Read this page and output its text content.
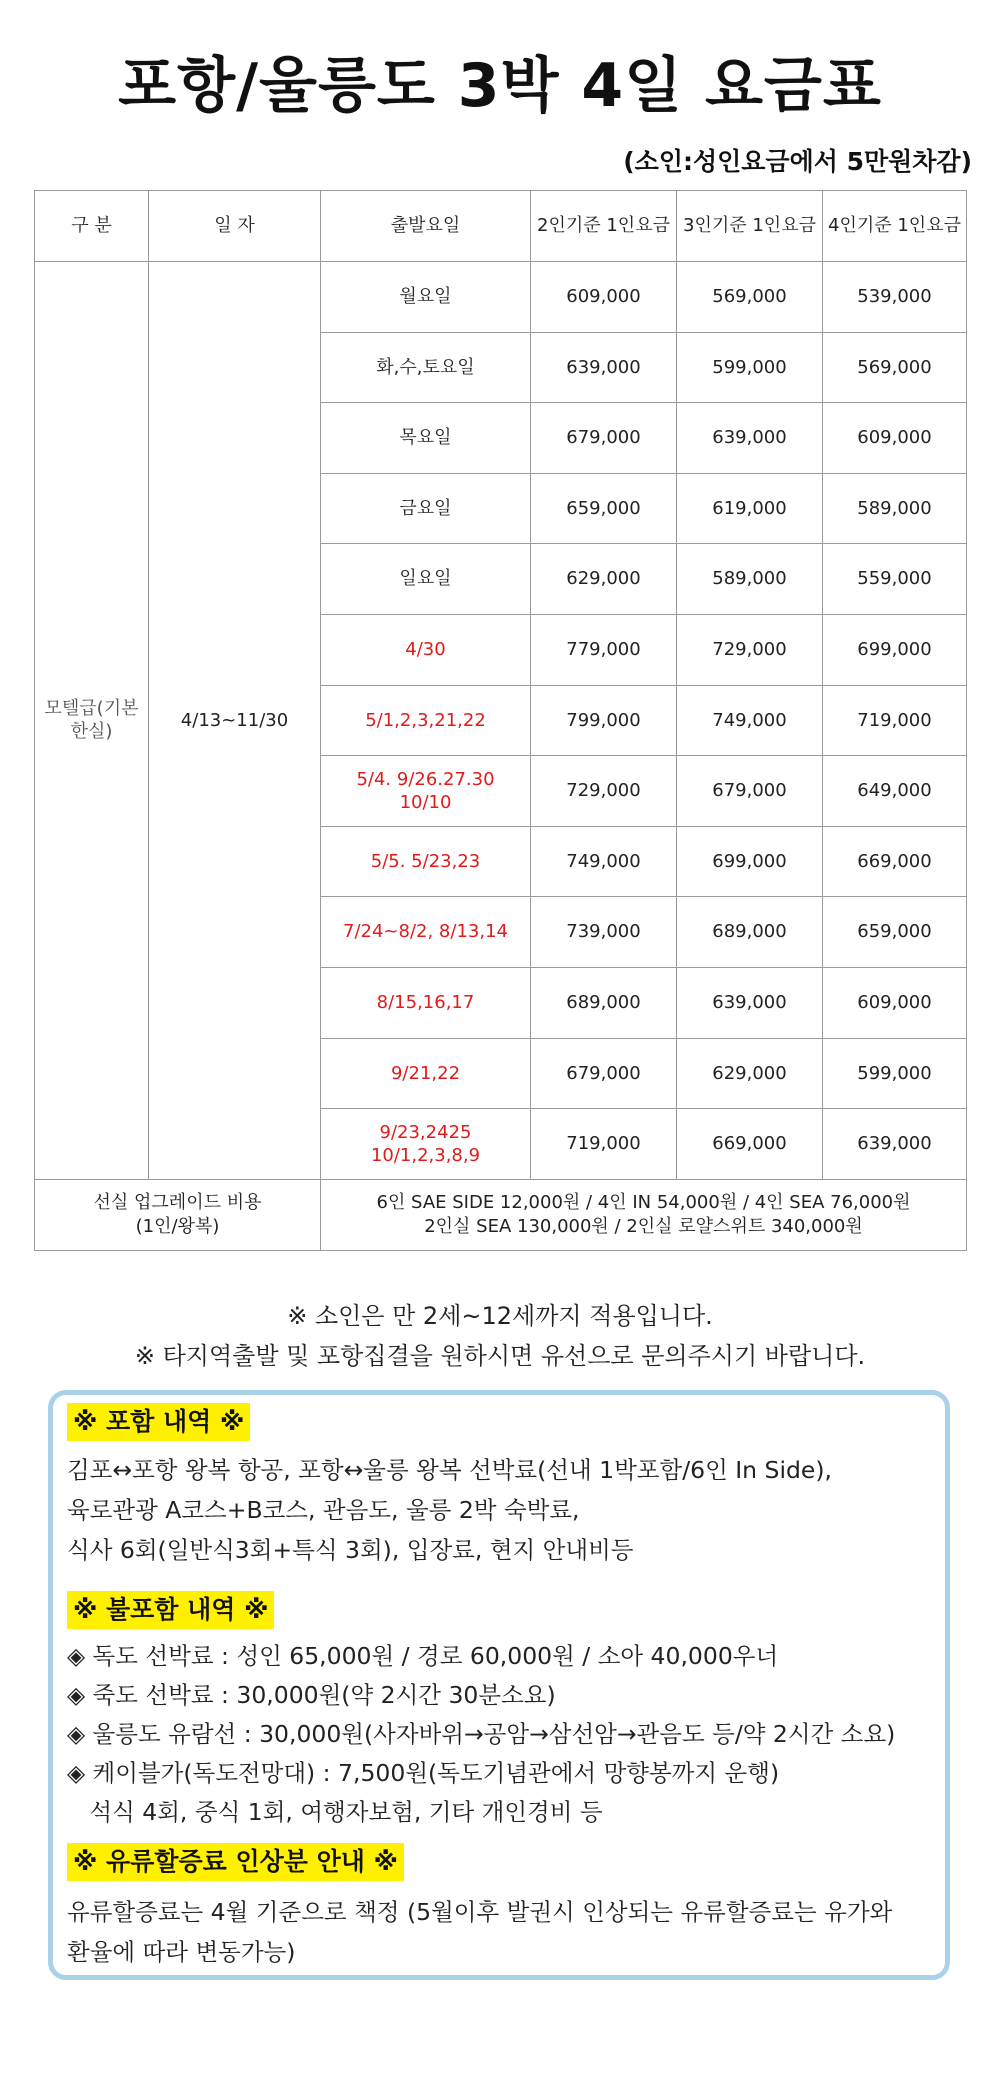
포항/울릉도 3박 4일 요금표
(소인:성인요금에서 5만원차감)
구 분	일 자	출발요일	2인기준 1인요금	3인기준 1인요금	4인기준 1인요금
모텔급(기본한실)	4/13~11/30	월요일	609,000	569,000	539,000
		화,수,토요일	639,000	599,000	569,000
		목요일	679,000	639,000	609,000
		금요일	659,000	619,000	589,000
		일요일	629,000	589,000	559,000
		4/30	779,000	729,000	699,000
		5/1,2,3,21,22	799,000	749,000	719,000
		5/4. 9/26.27.30
10/10	729,000	679,000	649,000
		5/5. 5/23,23	749,000	699,000	669,000
		7/24~8/2, 8/13,14	739,000	689,000	659,000
		8/15,16,17	689,000	639,000	609,000
		9/21,22	679,000	629,000	599,000
		9/23,2425
10/1,2,3,8,9	719,000	669,000	639,000
선실 업그레이드 비용
(1인/왕복)		6인 SAE SIDE 12,000원 / 4인 IN 54,000원 / 4인 SEA 76,000원
2인실 SEA 130,000원 / 2인실 로얄스위트 340,000원			
※ 소인은 만 2세~12세까지 적용입니다.
※ 타지역출발 및 포항집결을 원하시면 유선으로 문의주시기 바랍니다.
※ 포함 내역 ※
김포↔포항 왕복 항공, 포항↔울릉 왕복 선박료(선내 1박포함/6인 In Side),
육로관광 A코스+B코스, 관음도, 울릉 2박 숙박료,
식사 6회(일반식3회+특식 3회), 입장료, 현지 안내비등
※ 불포함 내역 ※
◈ 독도 선박료 : 성인 65,000원 / 경로 60,000원 / 소아 40,000우너
◈ 죽도 선박료 : 30,000원(약 2시간 30분소요)
◈ 울릉도 유람선 : 30,000원(사자바위→공암→삼선암→관음도 등/약 2시간 소요)
◈ 케이블가(독도전망대) : 7,500원(독도기념관에서 망향봉까지 운행)
석식 4회, 중식 1회, 여행자보험, 기타 개인경비 등
※ 유류할증료 인상분 안내 ※
유류할증료는 4월 기준으로 책정 (5월이후 발권시 인상되는 유류할증료는 유가와
환율에 따라 변동가능)
